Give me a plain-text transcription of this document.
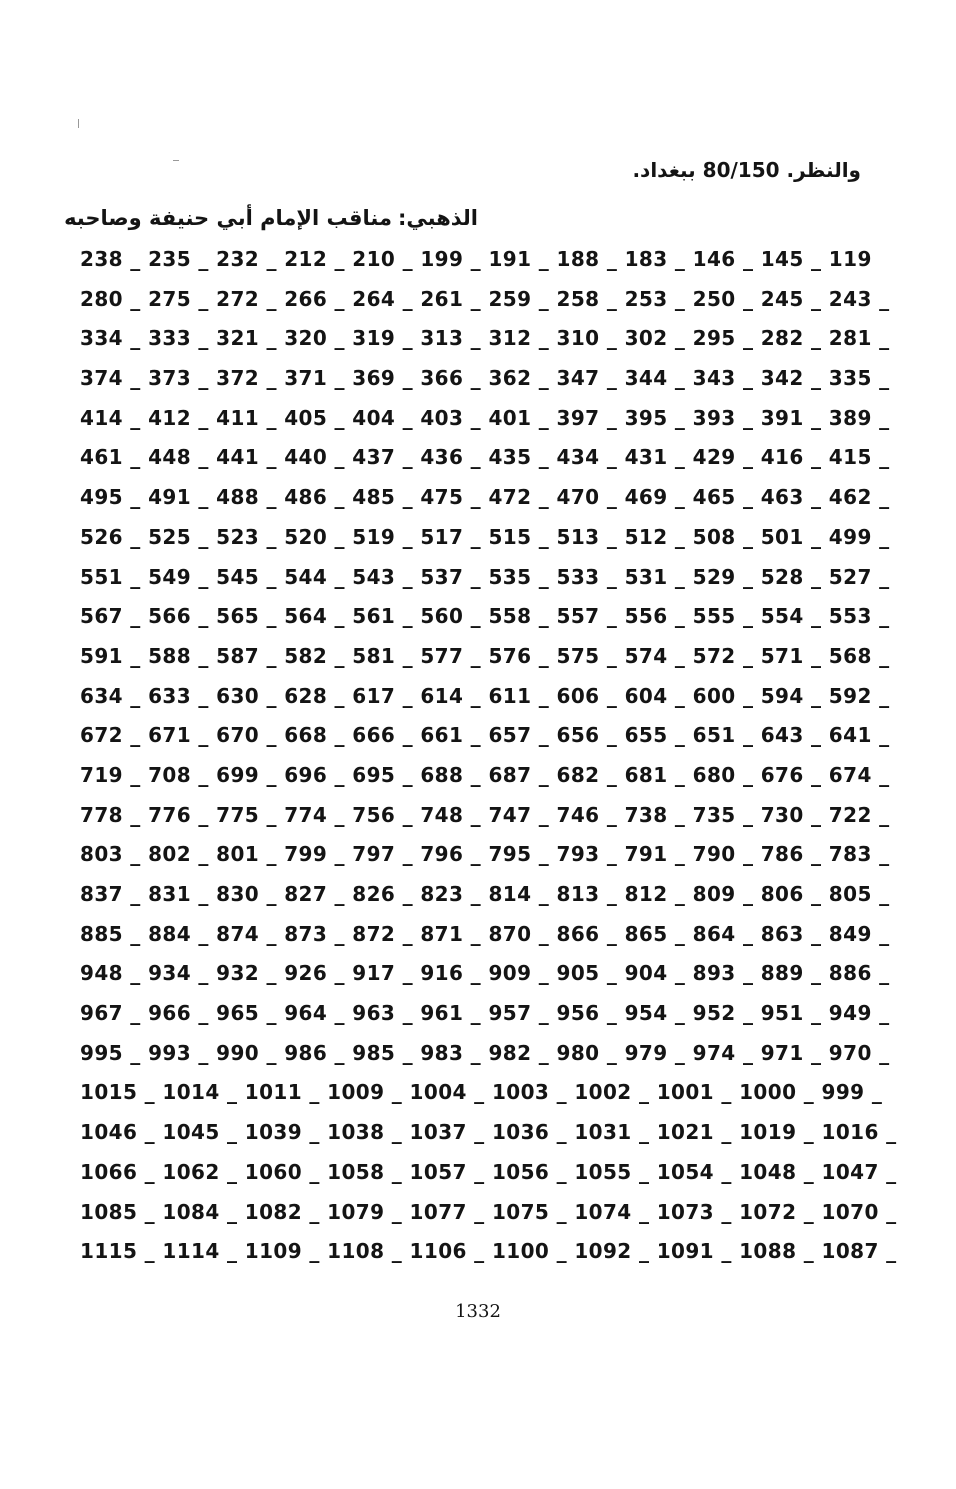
والنظر. 80/150 ببغداد.
الذهبي:مناقب الإمام أبي حنيفة وصاحبه
238 _ 235 _ 232 _ 212 _ 210 _ 199 _ 191 _ 188 _ 183 _ 146 _ 145 _ 119
280 _ 275 _ 272 _ 266 _ 264 _ 261 _ 259 _ 258 _ 253 _ 250 _ 245 _ 243 _
334 _ 333 _ 321 _ 320 _ 319 _ 313 _ 312 _ 310 _ 302 _ 295 _ 282 _ 281 _
374 _ 373 _ 372 _ 371 _ 369 _ 366 _ 362 _ 347 _ 344 _ 343 _ 342 _ 335 _
414 _ 412 _ 411 _ 405 _ 404 _ 403 _ 401 _ 397 _ 395 _ 393 _ 391 _ 389 _
461 _ 448 _ 441 _ 440 _ 437 _ 436 _ 435 _ 434 _ 431 _ 429 _ 416 _ 415 _
495 _ 491 _ 488 _ 486 _ 485 _ 475 _ 472 _ 470 _ 469 _ 465 _ 463 _ 462 _
526 _ 525 _ 523 _ 520 _ 519 _ 517 _ 515 _ 513 _ 512 _ 508 _ 501 _ 499 _
551 _ 549 _ 545 _ 544 _ 543 _ 537 _ 535 _ 533 _ 531 _ 529 _ 528 _ 527 _
567 _ 566 _ 565 _ 564 _ 561 _ 560 _ 558 _ 557 _ 556 _ 555 _ 554 _ 553 _
591 _ 588 _ 587 _ 582 _ 581 _ 577 _ 576 _ 575 _ 574 _ 572 _ 571 _ 568 _
634 _ 633 _ 630 _ 628 _ 617 _ 614 _ 611 _ 606 _ 604 _ 600 _ 594 _ 592 _
672 _ 671 _ 670 _ 668 _ 666 _ 661 _ 657 _ 656 _ 655 _ 651 _ 643 _ 641 _
719 _ 708 _ 699 _ 696 _ 695 _ 688 _ 687 _ 682 _ 681 _ 680 _ 676 _ 674 _
778 _ 776 _ 775 _ 774 _ 756 _ 748 _ 747 _ 746 _ 738 _ 735 _ 730 _ 722 _
803 _ 802 _ 801 _ 799 _ 797 _ 796 _ 795 _ 793 _ 791 _ 790 _ 786 _ 783 _
837 _ 831 _ 830 _ 827 _ 826 _ 823 _ 814 _ 813 _ 812 _ 809 _ 806 _ 805 _
885 _ 884 _ 874 _ 873 _ 872 _ 871 _ 870 _ 866 _ 865 _ 864 _ 863 _ 849 _
948 _ 934 _ 932 _ 926 _ 917 _ 916 _ 909 _ 905 _ 904 _ 893 _ 889 _ 886 _
967 _ 966 _ 965 _ 964 _ 963 _ 961 _ 957 _ 956 _ 954 _ 952 _ 951 _ 949 _
995 _ 993 _ 990 _ 986 _ 985 _ 983 _ 982 _ 980 _ 979 _ 974 _ 971 _ 970 _
1015 _ 1014 _ 1011 _ 1009 _ 1004 _ 1003 _ 1002 _ 1001 _ 1000 _ 999 _
1046 _ 1045 _ 1039 _ 1038 _ 1037 _ 1036 _ 1031 _ 1021 _ 1019 _ 1016 _
1066 _ 1062 _ 1060 _ 1058 _ 1057 _ 1056 _ 1055 _ 1054 _ 1048 _ 1047 _
1085 _ 1084 _ 1082 _ 1079 _ 1077 _ 1075 _ 1074 _ 1073 _ 1072 _ 1070 _
1115 _ 1114 _ 1109 _ 1108 _ 1106 _ 1100 _ 1092 _ 1091 _ 1088 _ 1087 _
1332
